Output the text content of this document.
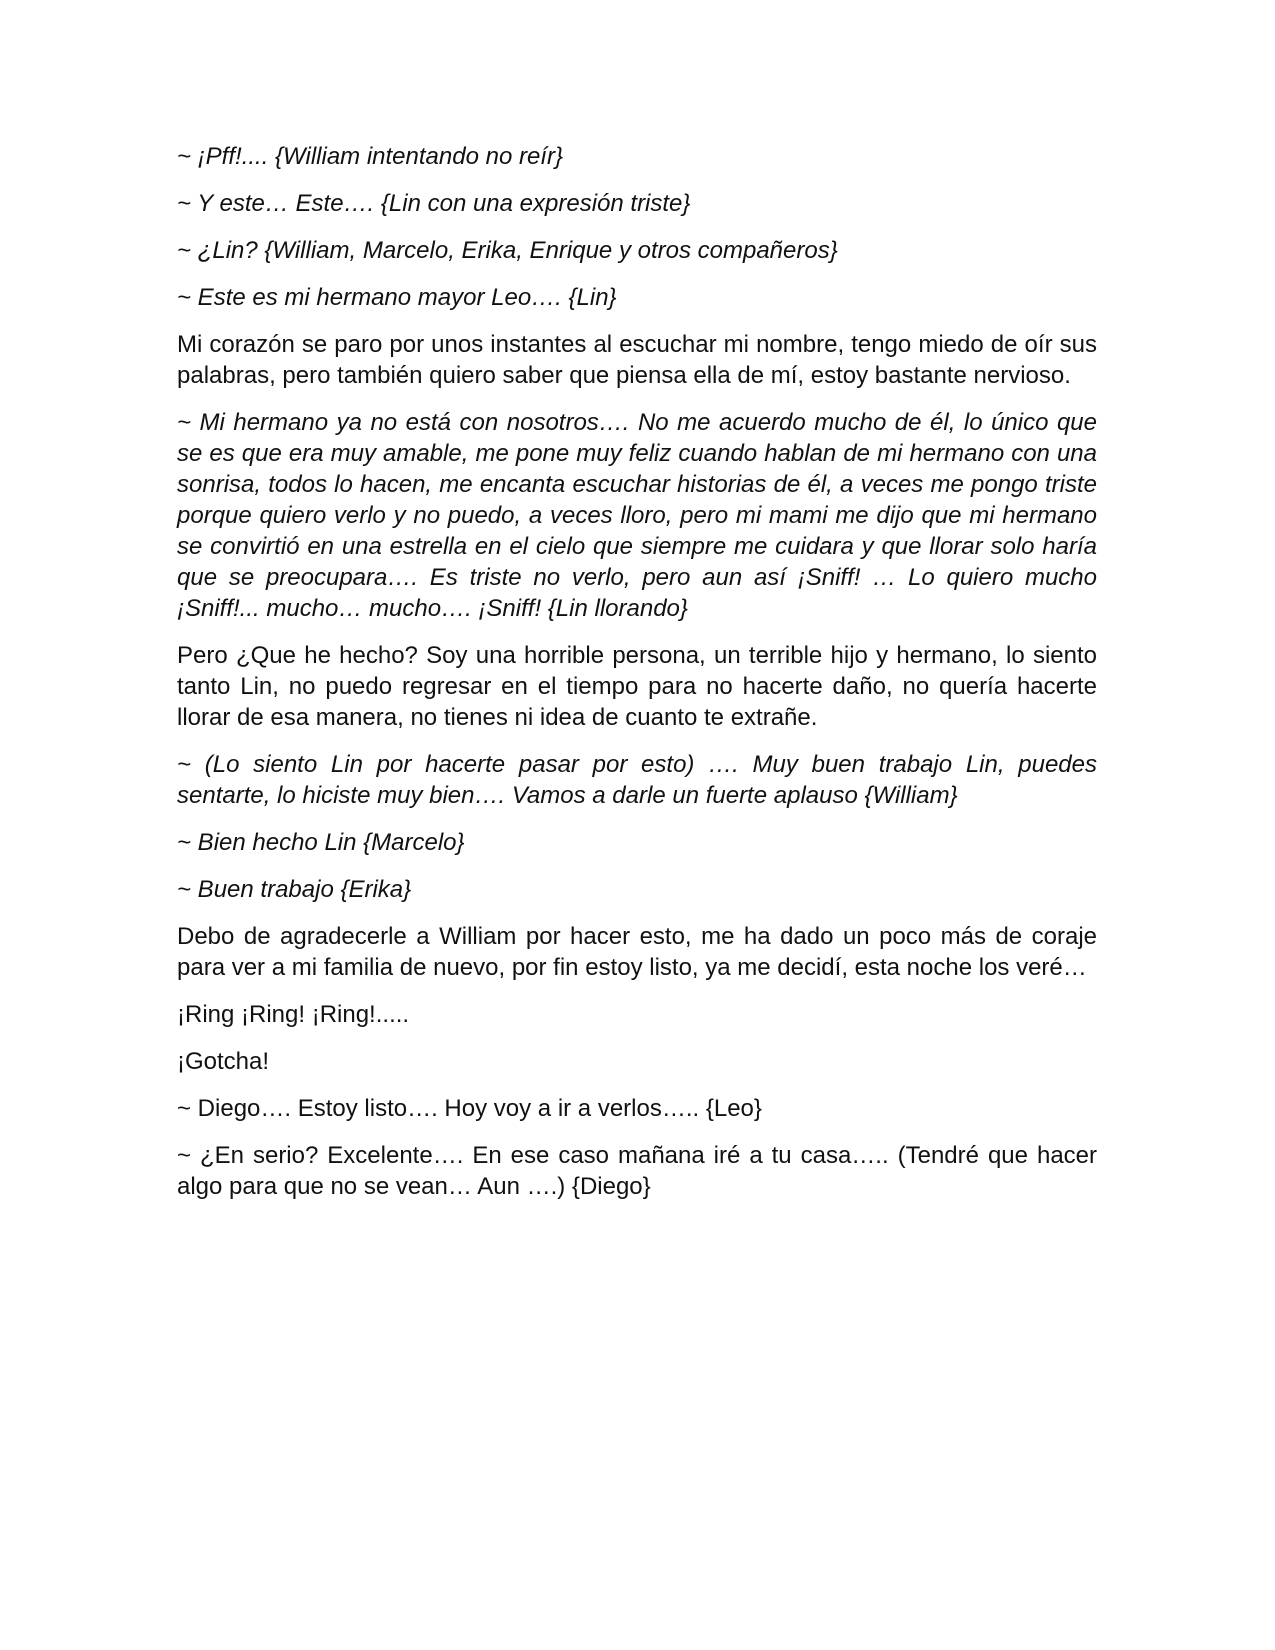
~ ¡Pff!.... {William intentando no reír}

~ Y este… Este…. {Lin con una expresión triste}

~ ¿Lin? {William, Marcelo, Erika, Enrique y otros compañeros}

~ Este es mi hermano mayor Leo…. {Lin}

Mi corazón se paro por unos instantes al escuchar mi nombre, tengo miedo de oír sus palabras, pero también quiero saber que piensa ella de mí, estoy bastante nervioso.

~ Mi hermano ya no está con nosotros…. No me acuerdo mucho de él, lo único que se es que era muy amable, me pone muy feliz cuando hablan de mi hermano con una sonrisa, todos lo hacen, me encanta escuchar historias de él, a veces me pongo triste porque quiero verlo y no puedo, a veces lloro, pero mi mami me dijo que mi hermano se convirtió en una estrella en el cielo que siempre me cuidara y que llorar solo haría que se preocupara…. Es triste no verlo, pero aun así ¡Sniff! … Lo quiero mucho ¡Sniff!... mucho… mucho…. ¡Sniff! {Lin llorando}

Pero ¿Que he hecho? Soy una horrible persona, un terrible hijo y hermano, lo siento tanto Lin, no puedo regresar en el tiempo para no hacerte daño, no quería hacerte llorar de esa manera, no tienes ni idea de cuanto te extrañe.

~ (Lo siento Lin por hacerte pasar por esto) …. Muy buen trabajo Lin, puedes sentarte, lo hiciste muy bien…. Vamos a darle un fuerte aplauso {William}

~ Bien hecho Lin {Marcelo}

~ Buen trabajo {Erika}

Debo de agradecerle a William por hacer esto, me ha dado un poco más de coraje para ver a mi familia de nuevo, por fin estoy listo, ya me decidí, esta noche los veré…

¡Ring ¡Ring! ¡Ring!.....

¡Gotcha!

~ Diego…. Estoy listo…. Hoy voy a ir a verlos….. {Leo}

~ ¿En serio? Excelente…. En ese caso mañana iré a tu casa….. (Tendré que hacer algo para que no se vean… Aun ….) {Diego}
